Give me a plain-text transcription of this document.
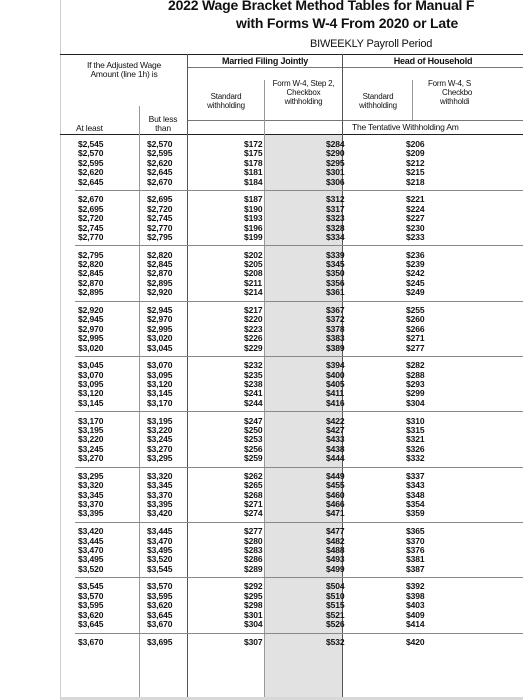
2022 Wage Bracket Method Tables for Manual F
with Forms W-4 From 2020 or Late
BIWEEKLY Payroll Period
If the Adjusted Wage
Amount (line 1h) is
Married Filing Jointly	Head of Household
Standard
withholding
Form W-4, Step 2,
Checkbox
withholding
Standard
withholding
Form W-4, S
Checkbo
withholdi
At least
But less
than	The Tentative Withholding Am
$2,545	$2,570	$172	$284	$206
$2,570	$2,595	$175	$290	$209
$2,595	$2,620	$178	$295	$212
$2,620	$2,645	$181	$301	$215
$2,645	$2,670	$184	$306	$218
$2,670	$2,695	$187	$312	$221
$2,695	$2,720	$190	$317	$224
$2,720	$2,745	$193	$323	$227
$2,745	$2,770	$196	$328	$230
$2,770	$2,795	$199	$334	$233
$2,795	$2,820	$202	$339	$236
$2,820	$2,845	$205	$345	$239
$2,845	$2,870	$208	$350	$242
$2,870	$2,895	$211	$356	$245
$2,895	$2,920	$214	$361	$249
$2,920	$2,945	$217	$367	$255
$2,945	$2,970	$220	$372	$260
$2,970	$2,995	$223	$378	$266
$2,995	$3,020	$226	$383	$271
$3,020	$3,045	$229	$389	$277
$3,045	$3,070	$232	$394	$282
$3,070	$3,095	$235	$400	$288
$3,095	$3,120	$238	$405	$293
$3,120	$3,145	$241	$411	$299
$3,145	$3,170	$244	$416	$304
$3,170	$3,195	$247	$422	$310
$3,195	$3,220	$250	$427	$315
$3,220	$3,245	$253	$433	$321
$3,245	$3,270	$256	$438	$326
$3,270	$3,295	$259	$444	$332
$3,295	$3,320	$262	$449	$337
$3,320	$3,345	$265	$455	$343
$3,345	$3,370	$268	$460	$348
$3,370	$3,395	$271	$466	$354
$3,395	$3,420	$274	$471	$359
$3,420	$3,445	$277	$477	$365
$3,445	$3,470	$280	$482	$370
$3,470	$3,495	$283	$488	$376
$3,495	$3,520	$286	$493	$381
$3,520	$3,545	$289	$499	$387
$3,545	$3,570	$292	$504	$392
$3,570	$3,595	$295	$510	$398
$3,595	$3,620	$298	$515	$403
$3,620	$3,645	$301	$521	$409
$3,645	$3,670	$304	$526	$414
$3,670	$3,695	$307	$532	$420
